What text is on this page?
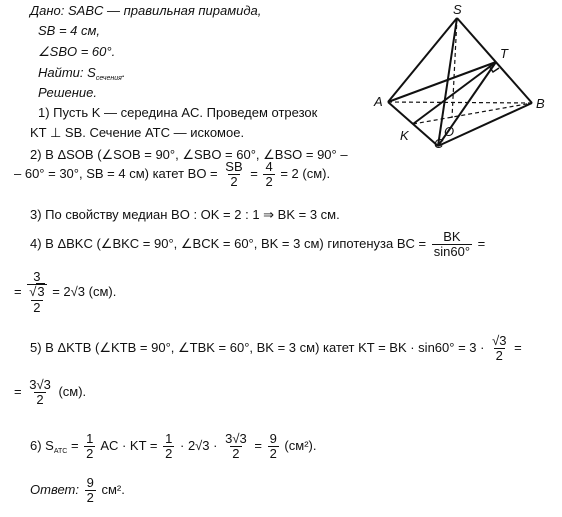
Дано: SABC — правильная пирамида,
SB = 4 см,
∠SBO = 60°.
Найти: $S_{сечения}$.
Решение.
1) Пусть K — середина AC. Проведем отрезок
KT ⊥ SB. Сечение ATC — искомое.
2) В ΔSOB (∠SOB = 90°, ∠SBO = 60°, ∠BSO = 90° –
– 60° = 30°, SB = 4 см) катет BO = $\frac{SB}{2} = \frac{4}{2} = 2$ (см).
3) По свойству медиан BO : OK = 2 : 1 ⇒ BK = 3 см.
4) В ΔBKC (∠BKC = 90°, ∠BCK = 60°, BK = 3 см) гипотенуза BC = $\frac{BK}{\sin 60^\circ}$ =
=
3
√3
2
= 2√3 (см).
5) В ΔKTB (∠KTB = 90°, ∠TBK = 60°, BK = 3 см) катет KT = BK · $\sin 60^\circ = 3 \cdot \frac{√3}{2}$ =
= $\frac{3√3}{2} (см)$.
6) $S_{ATC} = \frac{1}{2}$ AC · KT = $\frac{1}{2} \cdot 2√3 \cdot \frac{3√3}{2} = \frac{9}{2} (см^2)$.
Ответ: $\frac{9}{2} см^2$.
S
T
A	B
K	O
C
